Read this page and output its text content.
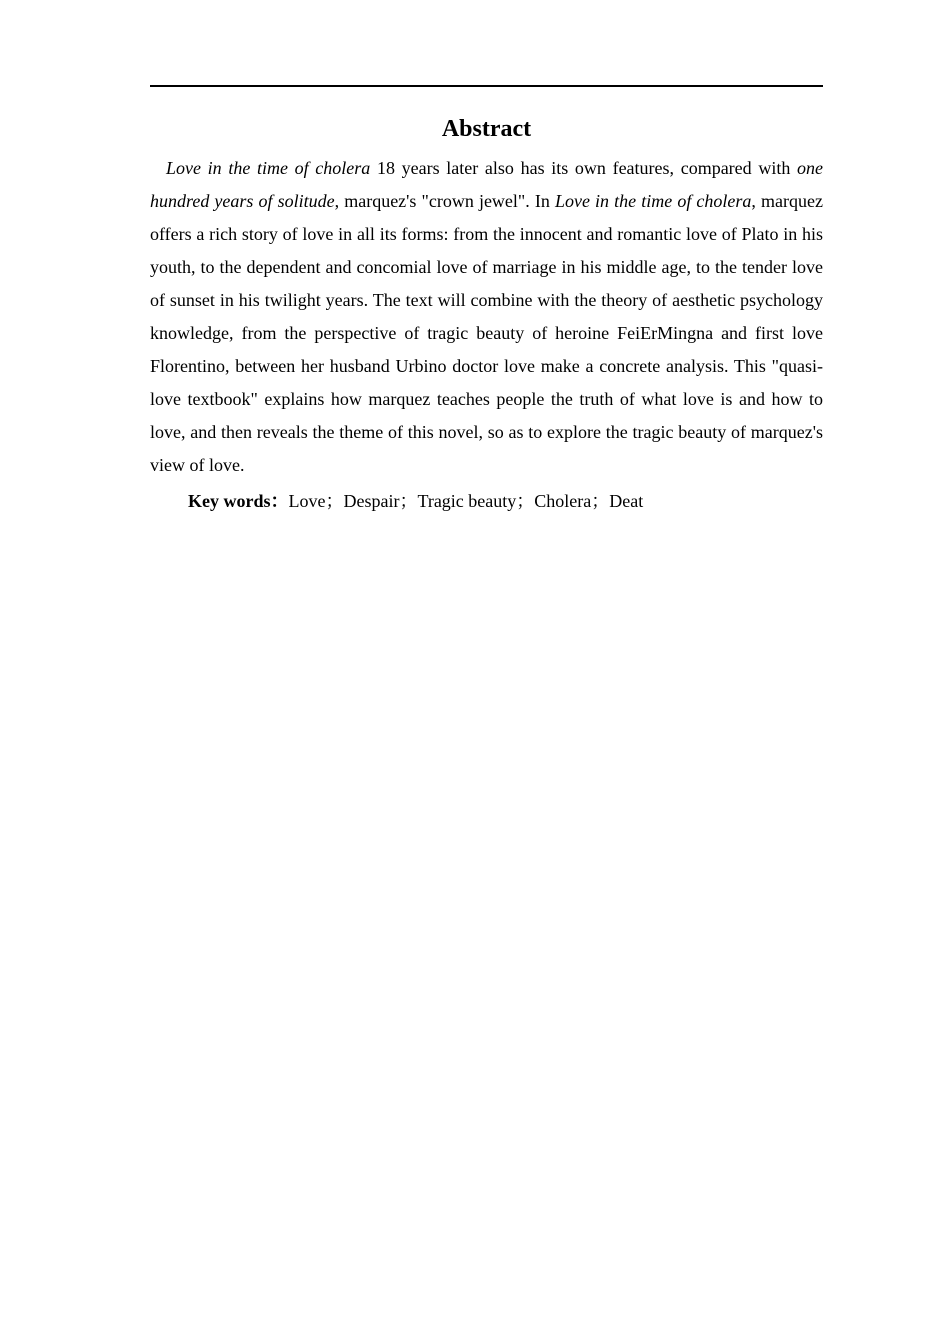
Abstract

Love in the time of cholera 18 years later also has its own features, compared with one hundred years of solitude, marquez's "crown jewel". In Love in the time of cholera, marquez offers a rich story of love in all its forms: from the innocent and romantic love of Plato in his youth, to the dependent and concomial love of marriage in his middle age, to the tender love of sunset in his twilight years. The text will combine with the theory of aesthetic psychology knowledge, from the perspective of tragic beauty of heroine FeiErMingna and first love Florentino, between her husband Urbino doctor love make a concrete analysis. This "quasi-love textbook" explains how marquez teaches people the truth of what love is and how to love, and then reveals the theme of this novel, so as to explore the tragic beauty of marquez's view of love.

Key words：Love；Despair；Tragic beauty；Cholera；Deat
